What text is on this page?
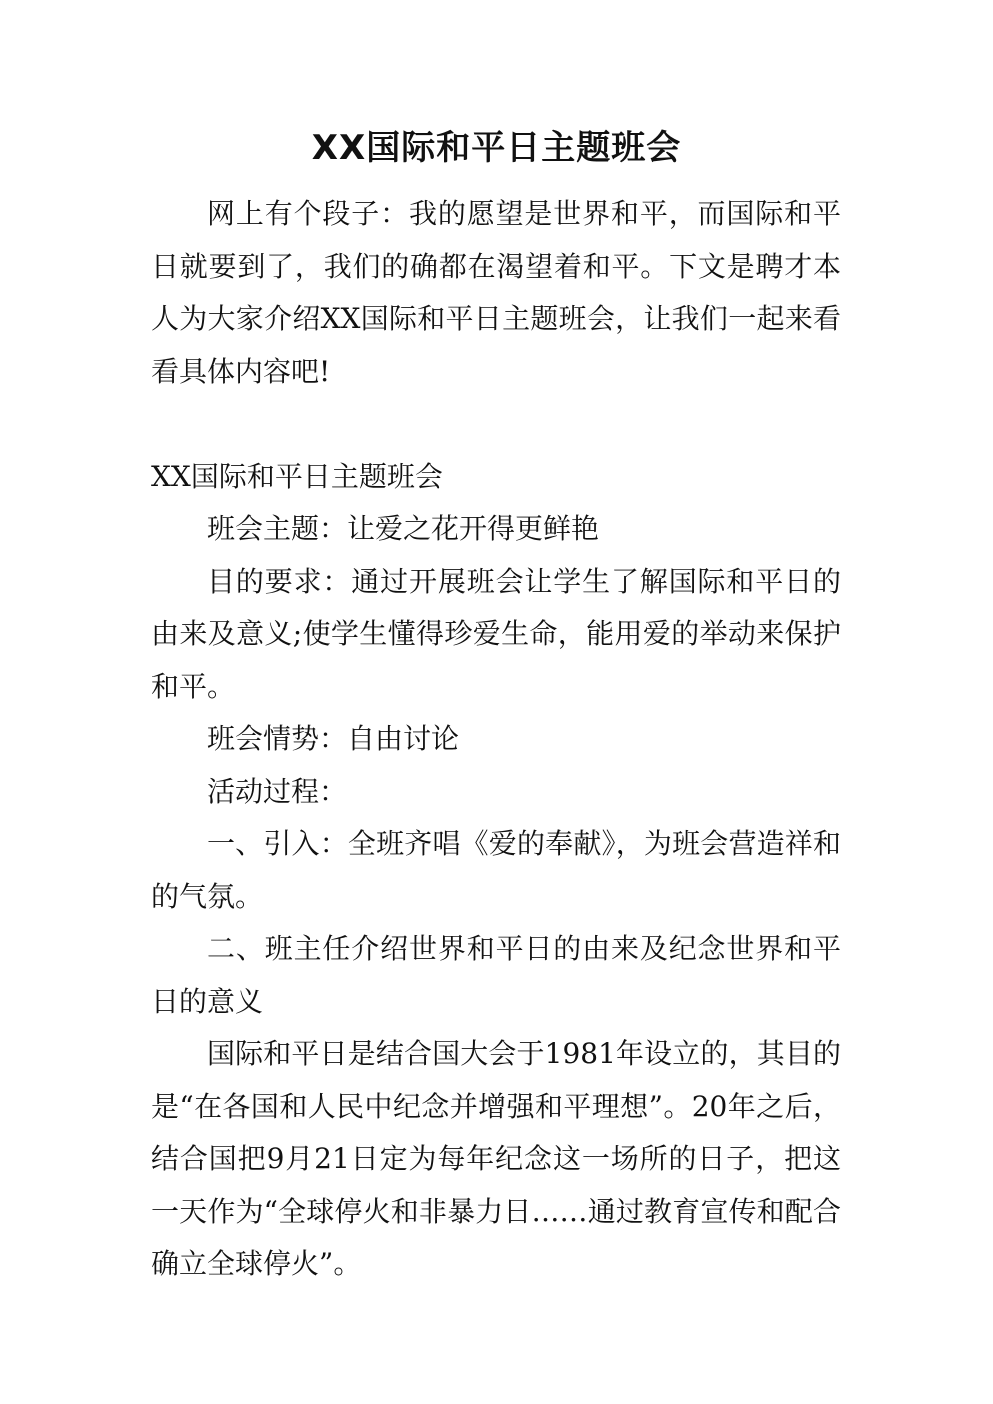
XX国际和平日主题班会

网上有个段子：我的愿望是世界和平，而国际和平日就要到了，我们的确都在渴望着和平。下文是聘才本人为大家介绍XX国际和平日主题班会，让我们一起来看看具体内容吧!

XX国际和平日主题班会

班会主题：让爱之花开得更鲜艳

目的要求：通过开展班会让学生了解国际和平日的由来及意义;使学生懂得珍爱生命，能用爱的举动来保护和平。

班会情势：自由讨论

活动过程：

一、引入：全班齐唱《爱的奉献》，为班会营造祥和的气氛。

二、班主任介绍世界和平日的由来及纪念世界和平日的意义

国际和平日是结合国大会于1981年设立的，其目的是“在各国和人民中纪念并增强和平理想”。20年之后，结合国把9月21日定为每年纪念这一场所的日子，把这一天作为“全球停火和非暴力日……通过教育宣传和配合确立全球停火”。
